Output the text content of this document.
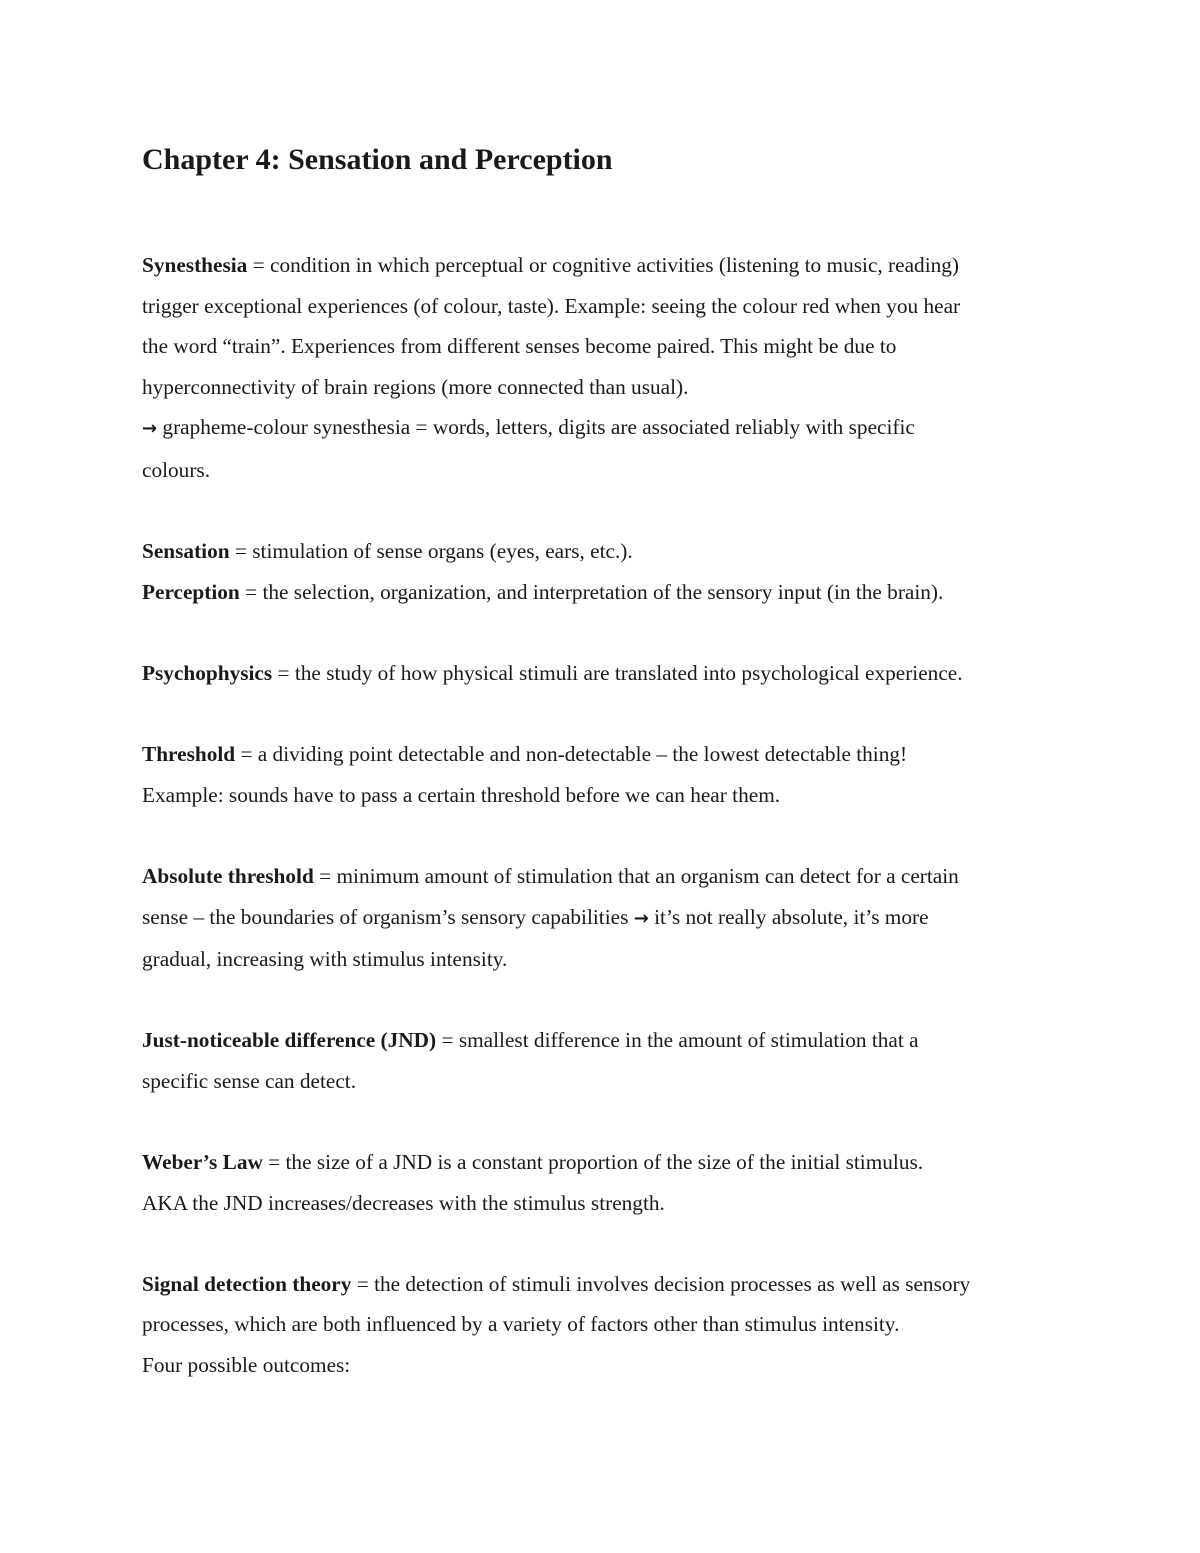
Chapter 4: Sensation and Perception

Synesthesia = condition in which perceptual or cognitive activities (listening to music, reading)
trigger exceptional experiences (of colour, taste). Example: seeing the colour red when you hear
the word “train”. Experiences from different senses become paired. This might be due to
hyperconnectivity of brain regions (more connected than usual).
→ grapheme-colour synesthesia = words, letters, digits are associated reliably with specific
colours.

Sensation = stimulation of sense organs (eyes, ears, etc.).
Perception = the selection, organization, and interpretation of the sensory input (in the brain).

Psychophysics = the study of how physical stimuli are translated into psychological experience.

Threshold = a dividing point detectable and non-detectable – the lowest detectable thing!
Example: sounds have to pass a certain threshold before we can hear them.

Absolute threshold = minimum amount of stimulation that an organism can detect for a certain
sense – the boundaries of organism’s sensory capabilities → it’s not really absolute, it’s more
gradual, increasing with stimulus intensity.

Just-noticeable difference (JND) = smallest difference in the amount of stimulation that a
specific sense can detect.

Weber’s Law = the size of a JND is a constant proportion of the size of the initial stimulus.
AKA the JND increases/decreases with the stimulus strength.

Signal detection theory = the detection of stimuli involves decision processes as well as sensory
processes, which are both influenced by a variety of factors other than stimulus intensity.
Four possible outcomes:
